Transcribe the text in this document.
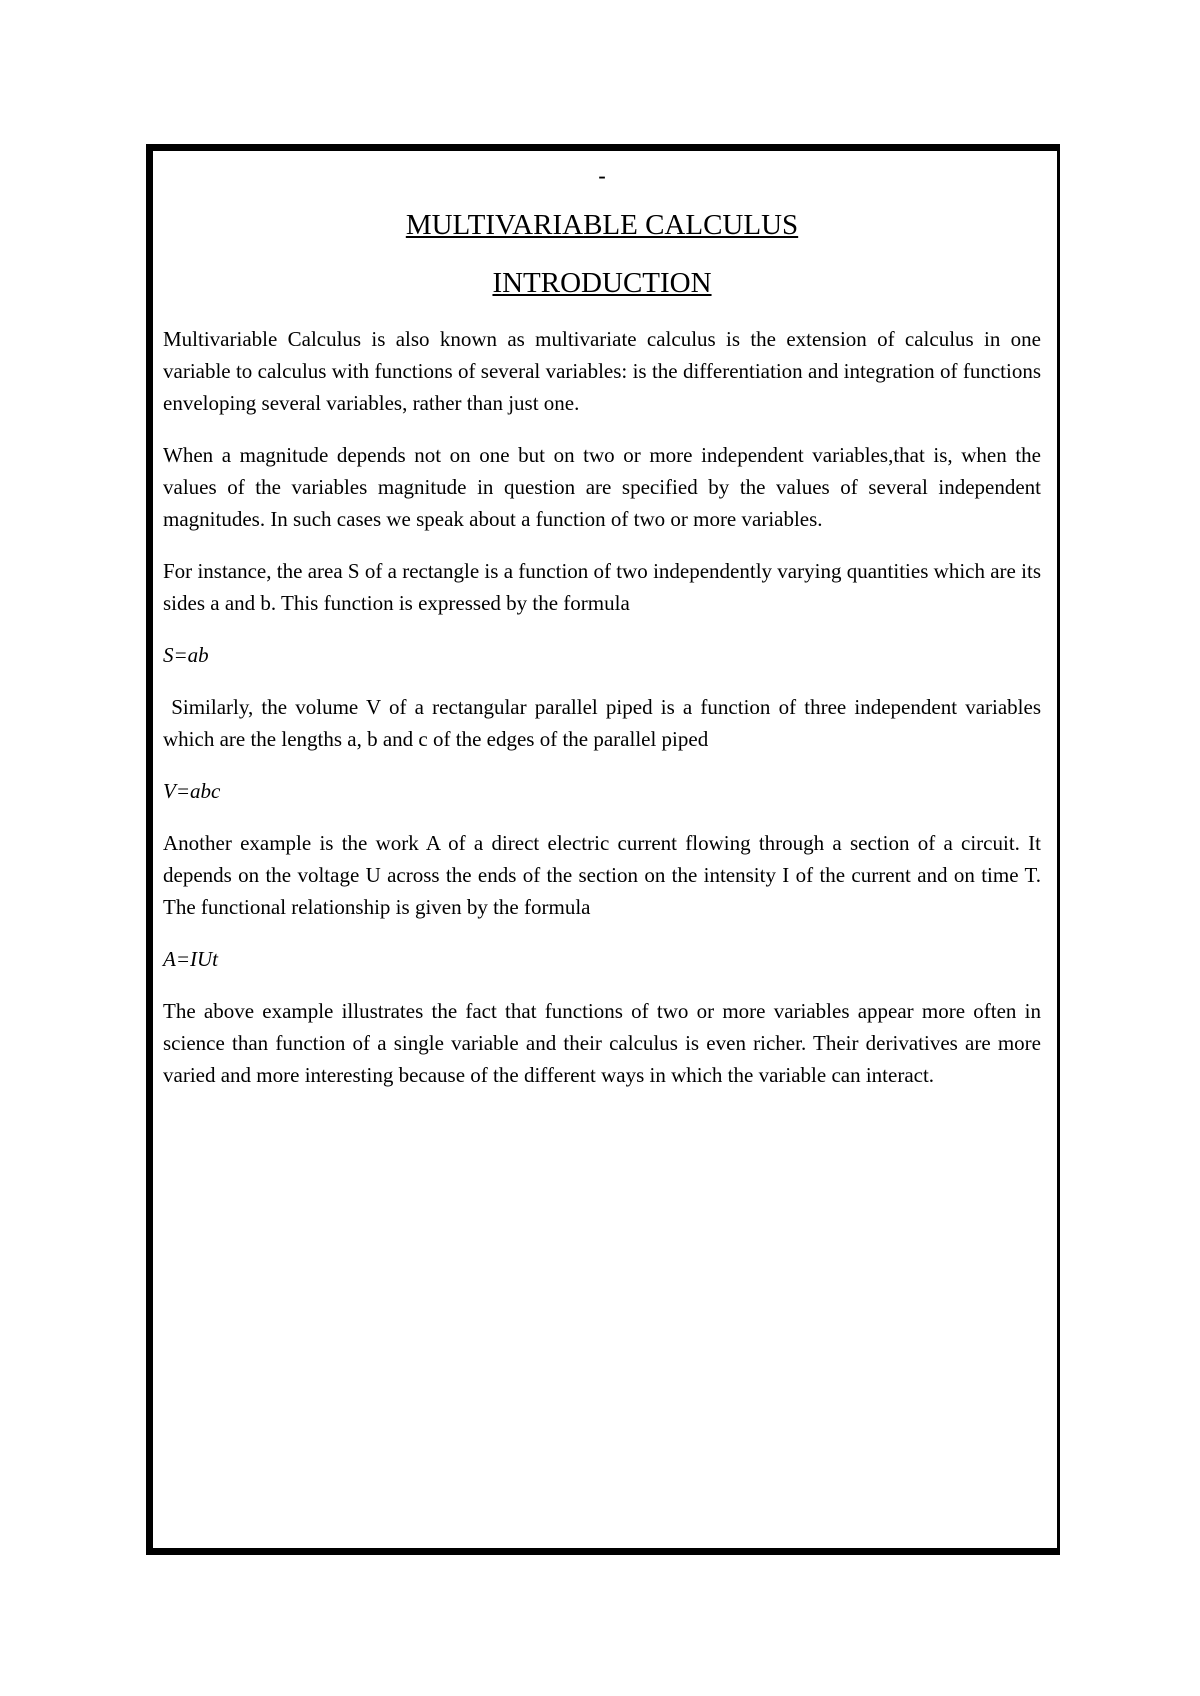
-
MULTIVARIABLE CALCULUS
INTRODUCTION

Multivariable Calculus is also known as multivariate calculus is the extension of calculus in one variable to calculus with functions of several variables: is the differentiation and integration of functions enveloping several variables, rather than just one.

When a magnitude depends not on one but on two or more independent variables,that is, when the values of the variables magnitude in question are specified by the values of several independent magnitudes. In such cases we speak about a function of two or more variables.

For instance, the area S of a rectangle is a function of two independently varying quantities which are its sides a and b. This function is expressed by the formula

S=ab

Similarly, the volume V of a rectangular parallel piped is a function of three independent variables which are the lengths a, b and c of the edges of the parallel piped

V=abc

Another example is the work A of a direct electric current flowing through a section of a circuit. It depends on the voltage U across the ends of the section on the intensity I of the current and on time T. The functional relationship is given by the formula

A=IUt

The above example illustrates the fact that functions of two or more variables appear more often in science than function of a single variable and their calculus is even richer. Their derivatives are more varied and more interesting because of the different ways in which the variable can interact.
